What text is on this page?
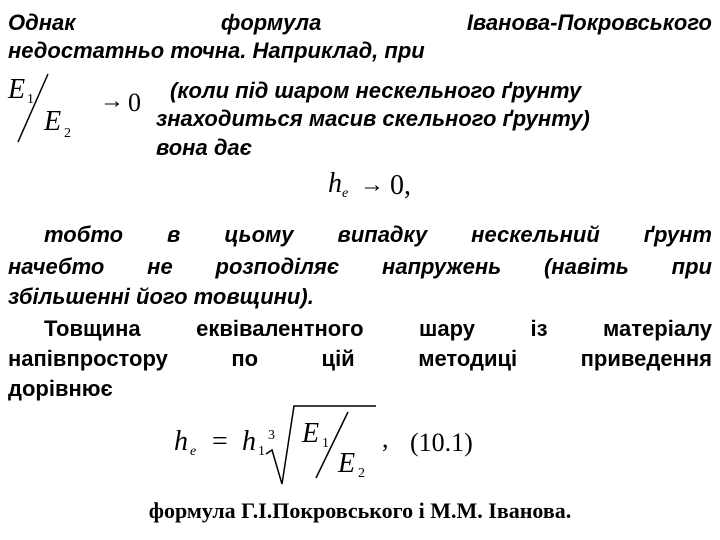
Однак	формула	Іванова-Покровського
недостатньо точна. Наприклад, при
E 1
E 2
→ 0 (коли під шаром нескельного ґрунту
знаходиться масив скельного ґрунту)
вона дає
h e → 0,
тобто в цьому випадку нескельний ґрунт
начебто не розподіляє напружень (навіть при
збільшенні його товщини).
Товщина	еквівалентного	шару	із	матеріалу
напівпростору	по	цій	методиці	приведення
дорівнює
h e = h 1
3 E 1
E 2
, (10.1)
формула Г.І.Покровського і М.М. Іванова.
